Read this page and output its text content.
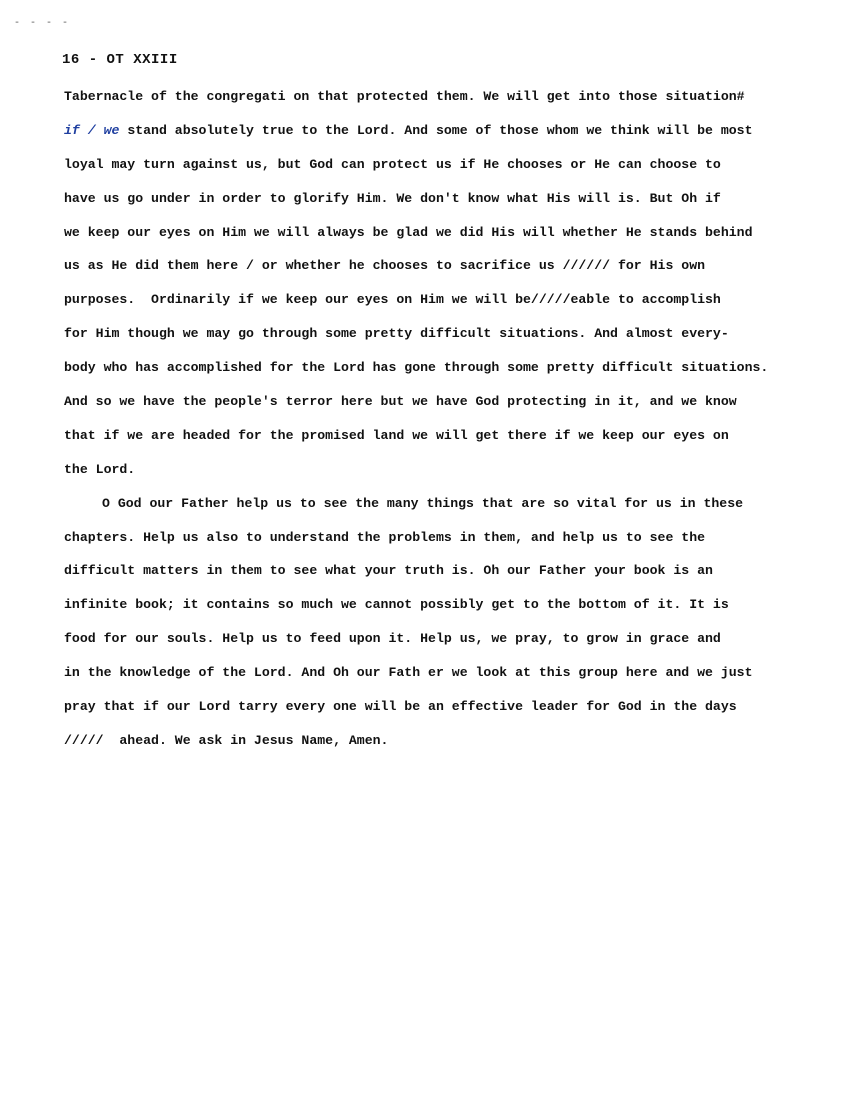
- - - -
16 - OT XXIII
Tabernacle of the congregati on that protected them. We will get into those situation#
if / we stand absolutely true to the Lord. And some of those whom we think will be most
loyal may turn against us, but God can protect us if He chooses or He can choose to
have us go under in order to glorify Him. We don't know what His will is. But Oh if
we keep our eyes on Him we will always be glad we did His will whether He stands behind
us as He did them here / or whether he chooses to sacrifice us ////// for His own
purposes.  Ordinarily if we keep our eyes on Him we will be/////eable to accomplish
for Him though we may go through some pretty difficult situations. And almost every-
body who has accomplished for the Lord has gone through some pretty difficult situations.
And so we have the people's terror here but we have God protecting in it, and we know
that if we are headed for the promised land we will get there if we keep our eyes on
the Lord.
O God our Father help us to see the many things that are so vital for us in these
chapters. Help us also to understand the problems in them, and help us to see the
difficult matters in them to see what your truth is. Oh our Father your book is an
infinite book; it contains so much we cannot possibly get to the bottom of it. It is
food for our souls. Help us to feed upon it. Help us, we pray, to grow in grace and
in the knowledge of the Lord. And Oh our Fath er we look at this group here and we just
pray that if our Lord tarry every one will be an effective leader for God in the days
/////  ahead. We ask in Jesus Name, Amen.
